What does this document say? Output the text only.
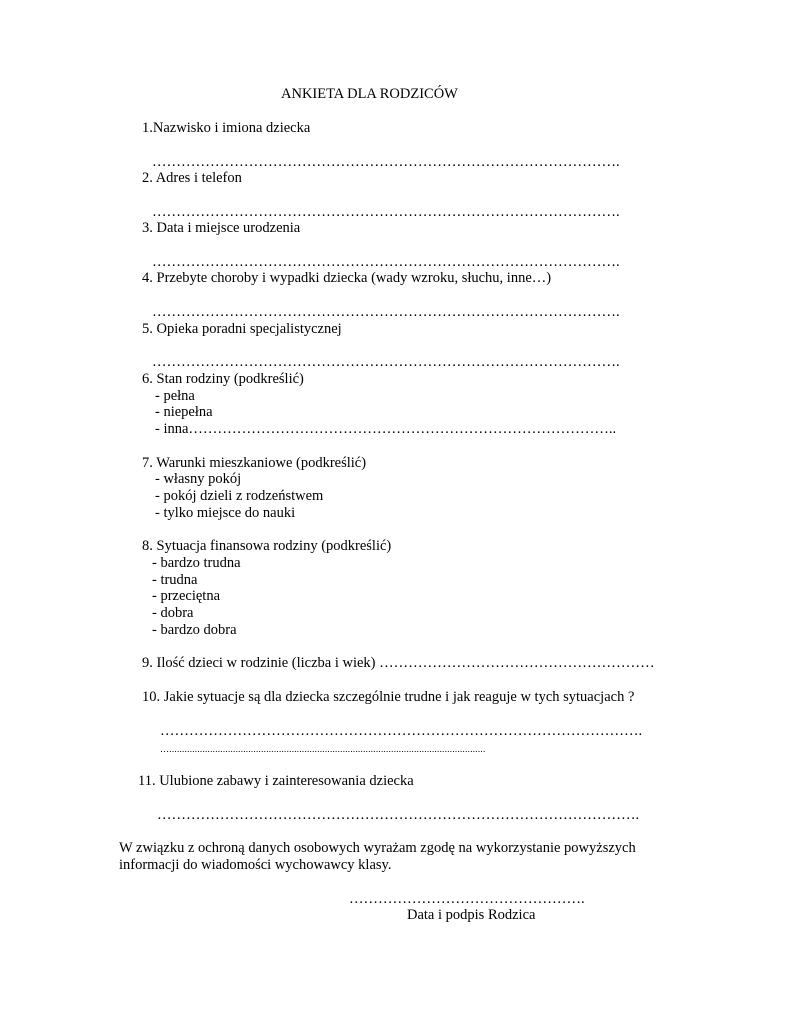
ANKIETA DLA RODZICÓW
1.Nazwisko i imiona dziecka
…………………………………………………………………………………….
2. Adres i telefon
…………………………………………………………………………………….
3. Data i miejsce urodzenia
…………………………………………………………………………………….
4. Przebyte choroby i wypadki dziecka (wady wzroku, słuchu, inne…)
…………………………………………………………………………………….
5. Opieka poradni specjalistycznej
…………………………………………………………………………………….
6. Stan rodziny (podkreślić)
- pełna
- niepełna
- inna……………………………………………………………………………..
7. Warunki mieszkaniowe (podkreślić)
- własny pokój
- pokój dzieli z rodzeństwem
- tylko miejsce do nauki
8. Sytuacja finansowa rodziny (podkreślić)
- bardzo trudna
- trudna
- przeciętna
- dobra
- bardzo dobra
9. Ilość dzieci w rodzinie (liczba i wiek) …………………………………………………
10. Jakie sytuacje są dla dziecka szczególnie trudne i jak reaguje w tych sytuacjach ?
……………………………………………………………………………………….
…............................................................................................................................
11. Ulubione zabawy i zainteresowania dziecka
……………………………………………………………………………………….
W związku z ochroną danych osobowych wyrażam zgodę na wykorzystanie powyższych
informacji do wiadomości wychowawcy klasy.
………………………………………….
Data i podpis Rodzica
